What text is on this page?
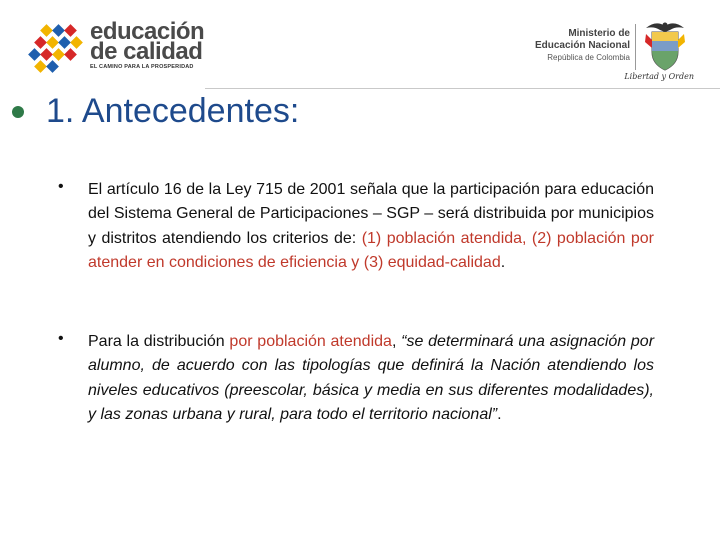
educación
de calidad
EL CAMINO PARA LA PROSPERIDAD
Ministerio de
Educación Nacional
República de Colombia
Libertad y Orden
1. Antecedentes:
• El artículo 16 de la Ley 715 de 2001 señala que la participación para educación del Sistema General de Participaciones – SGP – será distribuida por municipios y distritos atendiendo los criterios de: (1) población atendida, (2) población por atender en condiciones de eficiencia y (3) equidad-calidad.
• Para la distribución por población atendida, “se determinará una asignación por alumno, de acuerdo con las tipologías que definirá la Nación atendiendo los niveles educativos (preescolar, básica y media en sus diferentes modalidades), y las zonas urbana y rural, para todo el territorio nacional”.
